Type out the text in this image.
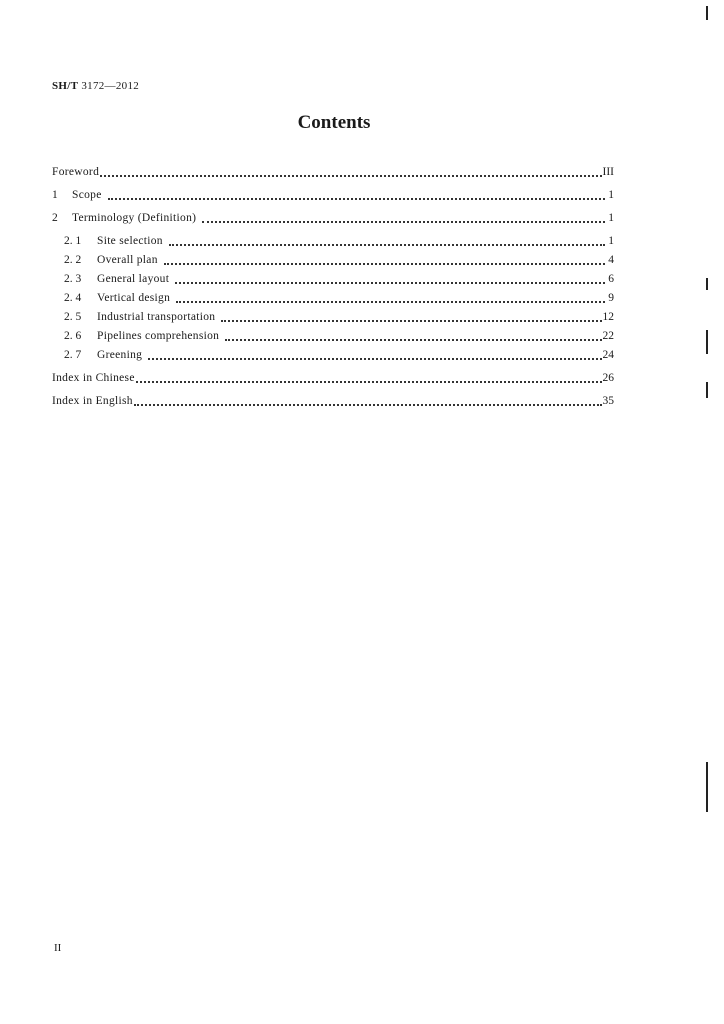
SH/T 3172—2012
Contents
Foreword	III
1	Scope	1
2	Terminology (Definition)	1
2. 1	Site selection	1
2. 2	Overall plan	4
2. 3	General layout	6
2. 4	Vertical design	9
2. 5	Industrial transportation	12
2. 6	Pipelines comprehension	22
2. 7	Greening	24
Index in Chinese	26
Index in English	35
II
